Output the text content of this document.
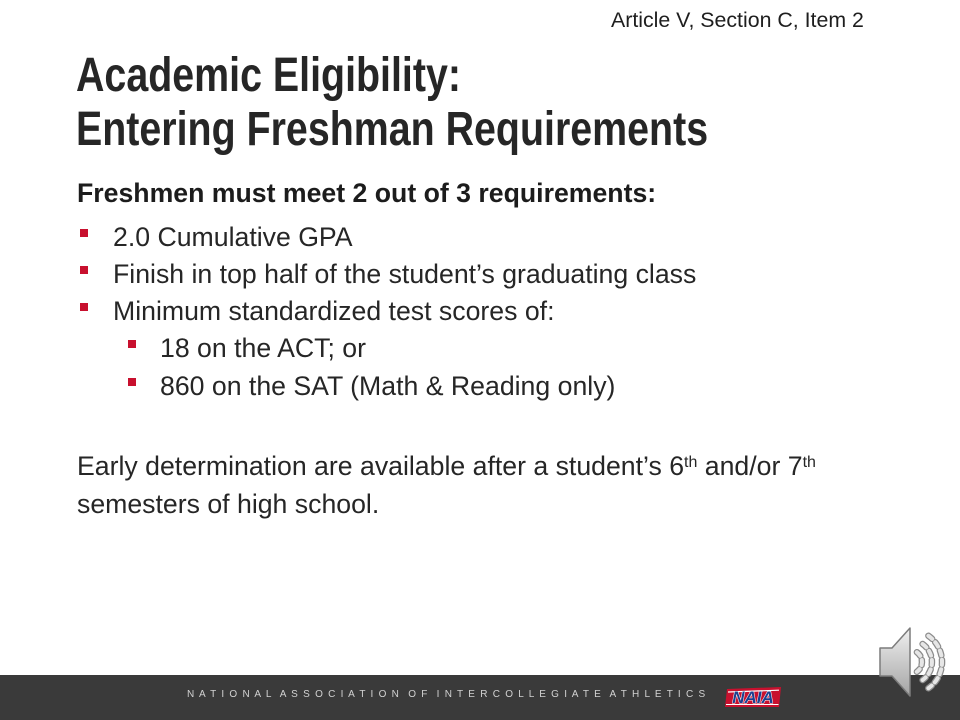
Article V, Section C, Item 2
Academic Eligibility:
Entering Freshman Requirements
Freshmen must meet 2 out of 3 requirements:
2.0 Cumulative GPA
Finish in top half of the student’s graduating class
Minimum standardized test scores of:
18 on the ACT; or
860 on the SAT (Math & Reading only)
Early determination are available after a student’s 6th and/or 7th
semesters of high school.
N A T I O N A L  A S S O C I A T I O N  O F  I N T E R C O L L E G I A T E  A T H L E T I C S NAIA
